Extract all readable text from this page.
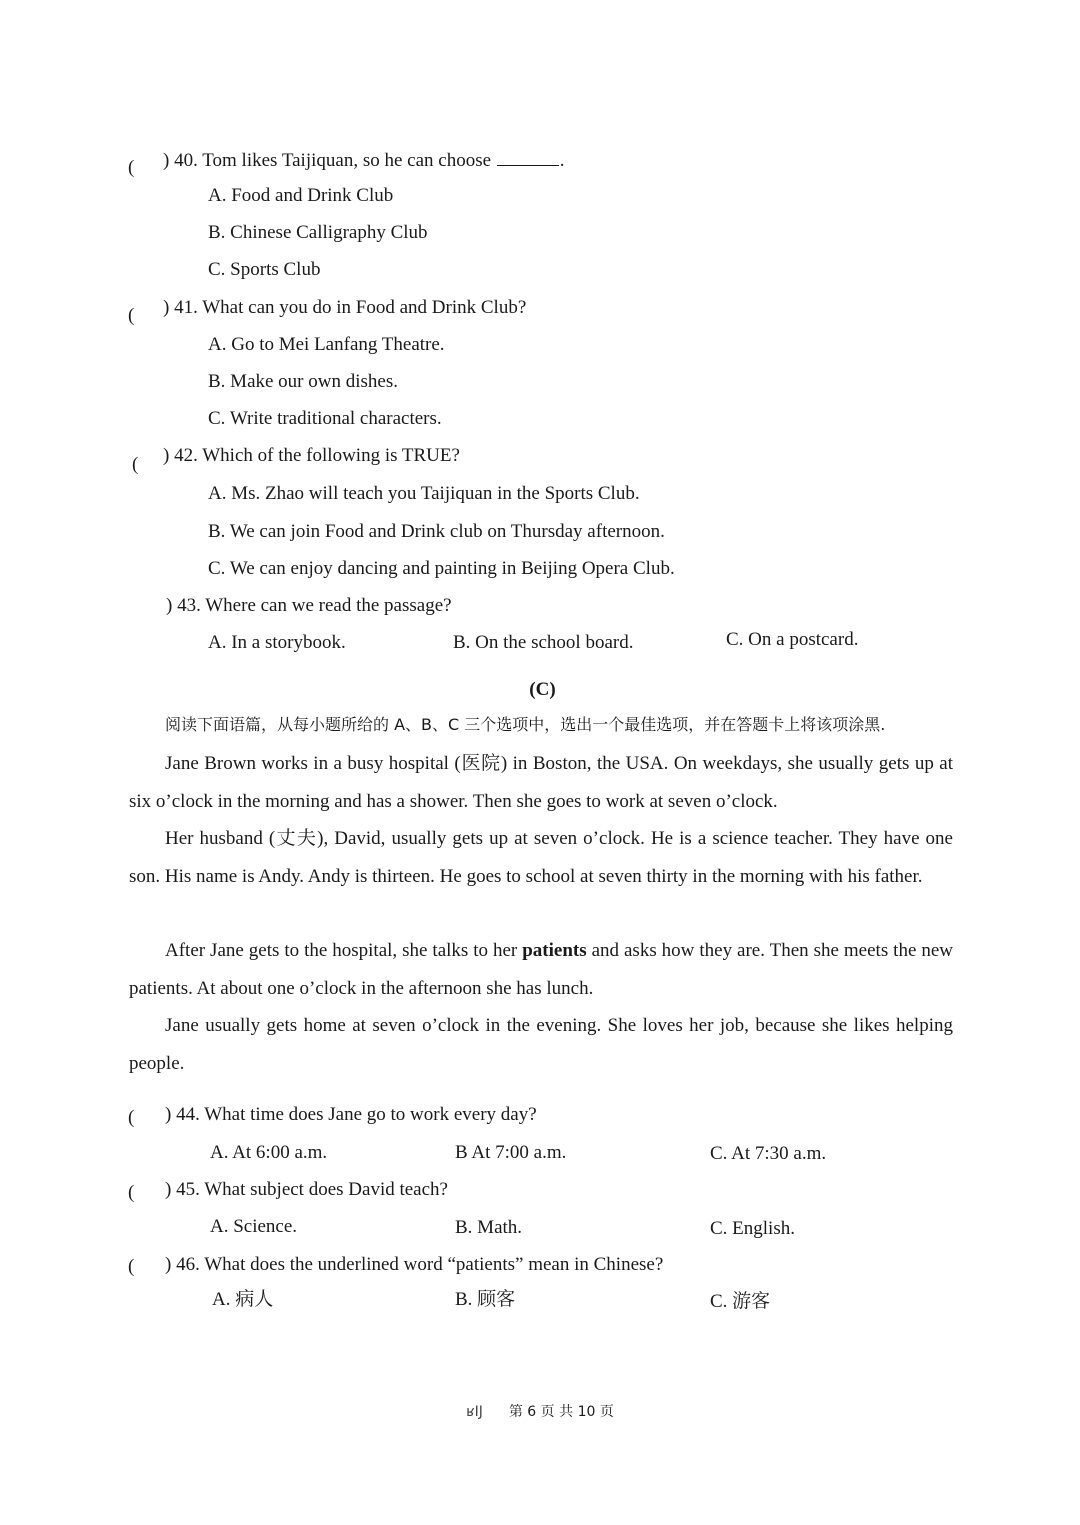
( ) 40. Tom likes Taijiquan, so he can choose	.
A. Food and Drink Club
B. Chinese Calligraphy Club
C. Sports Club
( ) 41. What can you do in Food and Drink Club?
A. Go to Mei Lanfang Theatre.
B. Make our own dishes.
C. Write traditional characters.
( ) 42. Which of the following is TRUE?
A. Ms. Zhao will teach you Taijiquan in the Sports Club.
B. We can join Food and Drink club on Thursday afternoon.
C. We can enjoy dancing and painting in Beijing Opera Club.
) 43. Where can we read the passage?
A. In a storybook.	B. On the school board.	C. On a postcard.
(C)
阅读下面语篇，从每小题所给的 A、B、C 三个选项中，选出一个最佳选项，并在答题卡上将该项涂黑.

Jane Brown works in a busy hospital (医院) in Boston, the USA. On weekdays, she usually gets up at six o’clock in the morning and has a shower. Then she goes to work at seven o’clock.

Her husband (丈夫), David, usually gets up at seven o’clock. He is a science teacher. They have one son. His name is Andy. Andy is thirteen. He goes to school at seven thirty in the morning with his father.

After Jane gets to the hospital, she talks to her patients and asks how they are. Then she meets the new patients. At about one o’clock in the afternoon she has lunch.

Jane usually gets home at seven o’clock in the evening. She loves her job, because she likes helping people.

( ) 44. What time does Jane go to work every day?
A. At 6:00 a.m.	B At 7:00 a.m.	C. At 7:30 a.m.
( ) 45. What subject does David teach?
A. Science.	B. Math.	C. English.
( ) 46. What does the underlined word “patients” mean in Chinese?
A. 病人	B. 顾客	C. 游客
ʁIJ 第 6 页 共 10 页
